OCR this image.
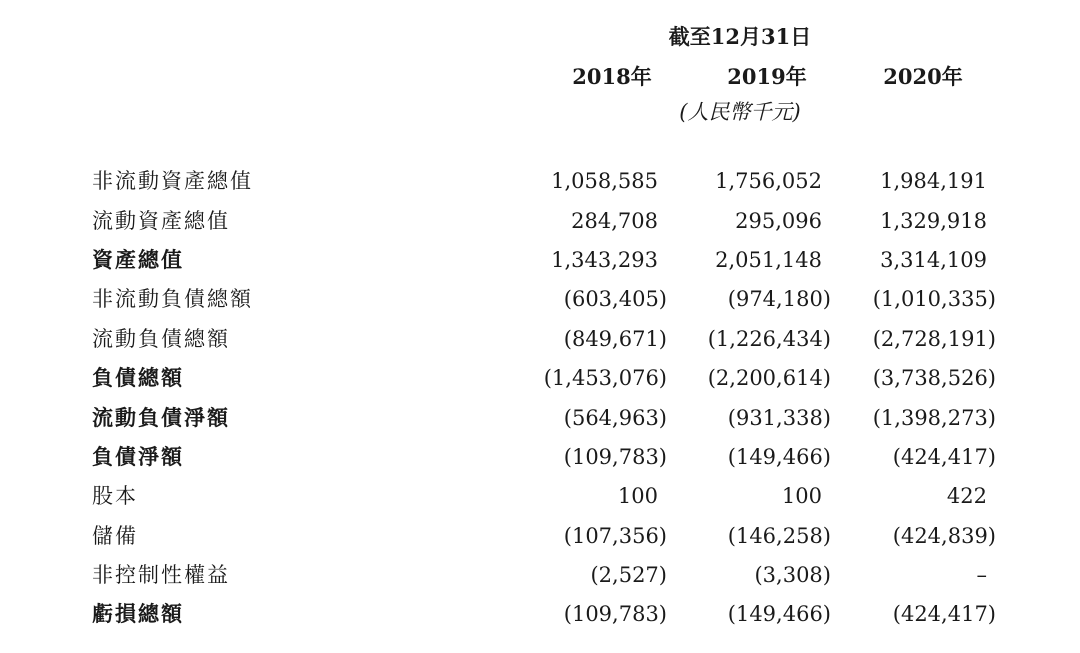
截至12月31日
2018年	2019年	2020年
(人民幣千元)
非流動資產總值	1,058,585	1,756,052	1,984,191
流動資產總值	284,708	295,096	1,329,918
資產總值	1,343,293	2,051,148	3,314,109
非流動負債總額	(603,405)	(974,180)	(1,010,335)
流動負債總額	(849,671)	(1,226,434)	(2,728,191)
負債總額	(1,453,076)	(2,200,614)	(3,738,526)
流動負債淨額	(564,963)	(931,338)	(1,398,273)
負債淨額	(109,783)	(149,466)	(424,417)
股本	100	100	422
儲備	(107,356)	(146,258)	(424,839)
非控制性權益	(2,527)	(3,308)	–
虧損總額	(109,783)	(149,466)	(424,417)
